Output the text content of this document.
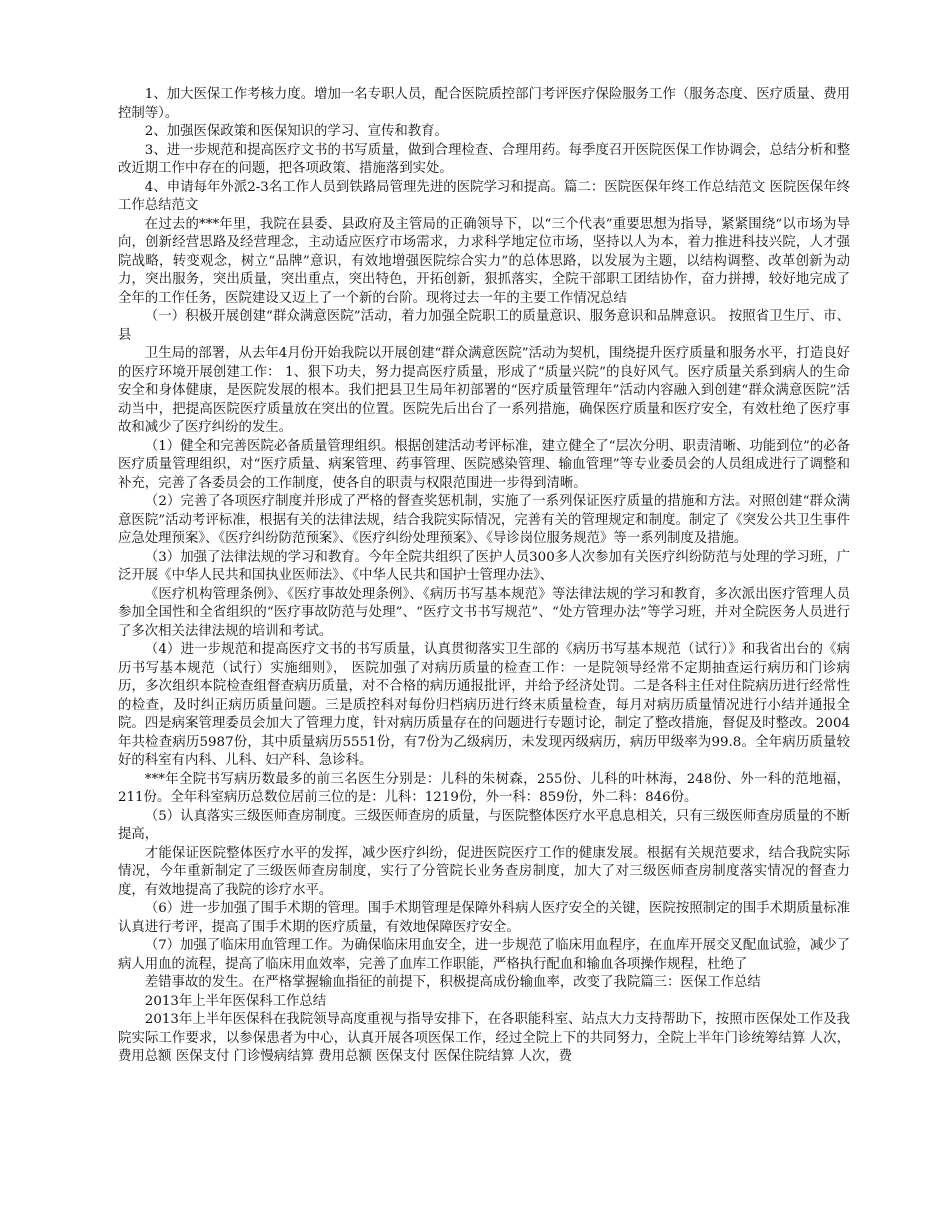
1、加大医保工作考核力度。增加一名专职人员，配合医院质控部门考评医疗保险服务工作（服务态度、医疗质量、费用控制等）。

2、加强医保政策和医保知识的学习、宣传和教育。

3、进一步规范和提高医疗文书的书写质量，做到合理检查、合理用药。每季度召开医院医保工作协调会，总结分析和整改近期工作中存在的问题，把各项政策、措施落到实处。

4、申请每年外派2-3名工作人员到铁路局管理先进的医院学习和提高。篇二：医院医保年终工作总结范文 医院医保年终工作总结范文

在过去的***年里，我院在县委、县政府及主管局的正确领导下，以“三个代表”重要思想为指导，紧紧围绕“以市场为导向，创新经营思路及经营理念，主动适应医疗市场需求，力求科学地定位市场，坚持以人为本，着力推进科技兴院，人才强院战略，转变观念，树立“品牌”意识，有效地增强医院综合实力”的总体思路，以发展为主题，以结构调整、改革创新为动力，突出服务，突出质量，突出重点，突出特色，开拓创新，狠抓落实，全院干部职工团结协作，奋力拼搏，较好地完成了全年的工作任务，医院建设又迈上了一个新的台阶。现将过去一年的主要工作情况总结

（一）积极开展创建“群众满意医院”活动，着力加强全院职工的质量意识、服务意识和品牌意识。 按照省卫生厅、市、县

卫生局的部署，从去年4月份开始我院以开展创建“群众满意医院”活动为契机，围绕提升医疗质量和服务水平，打造良好的医疗环境开展创建工作： 1、狠下功夫，努力提高医疗质量，形成了“质量兴院”的良好风气。医疗质量关系到病人的生命安全和身体健康，是医院发展的根本。我们把县卫生局年初部署的“医疗质量管理年”活动内容融入到创建“群众满意医院”活动当中，把提高医院医疗质量放在突出的位置。医院先后出台了一系列措施，确保医疗质量和医疗安全，有效杜绝了医疗事故和减少了医疗纠纷的发生。

（1）健全和完善医院必备质量管理组织。根据创建活动考评标准，建立健全了“层次分明、职责清晰、功能到位”的必备医疗质量管理组织，对“医疗质量、病案管理、药事管理、医院感染管理、输血管理”等专业委员会的人员组成进行了调整和补充，完善了各委员会的工作制度，使各自的职责与权限范围进一步得到清晰。

（2）完善了各项医疗制度并形成了严格的督查奖惩机制，实施了一系列保证医疗质量的措施和方法。对照创建“群众满意医院”活动考评标准，根据有关的法律法规，结合我院实际情况，完善有关的管理规定和制度。制定了《突发公共卫生事件应急处理预案》、《医疗纠纷防范预案》、《医疗纠纷处理预案》、《导诊岗位服务规范》等一系列制度及措施。

（3）加强了法律法规的学习和教育。今年全院共组织了医护人员300多人次参加有关医疗纠纷防范与处理的学习班，广泛开展《中华人民共和国执业医师法》、《中华人民共和国护士管理办法》、

《医疗机构管理条例》、《医疗事故处理条例》、《病历书写基本规范》等法律法规的学习和教育，多次派出医疗管理人员参加全国性和全省组织的“医疗事故防范与处理”、“医疗文书书写规范”、“处方管理办法”等学习班，并对全院医务人员进行了多次相关法律法规的培训和考试。

（4）进一步规范和提高医疗文书的书写质量，认真贯彻落实卫生部的《病历书写基本规范（试行）》和我省出台的《病历书写基本规范（试行）实施细则》， 医院加强了对病历质量的检查工作：一是院领导经常不定期抽查运行病历和门诊病历，多次组织本院检查组督查病历质量，对不合格的病历通报批评，并给予经济处罚。二是各科主任对住院病历进行经常性的检查，及时纠正病历质量问题。三是质控科对每份归档病历进行终末质量检查，每月对病历质量情况进行小结并通报全院。四是病案管理委员会加大了管理力度，针对病历质量存在的问题进行专题讨论，制定了整改措施，督促及时整改。2004年共检查病历5987份，其中质量病历5551份，有7份为乙级病历，未发现丙级病历，病历甲级率为99.8。全年病历质量较好的科室有内科、儿科、妇产科、急诊科。

***年全院书写病历数最多的前三名医生分别是：儿科的朱树森，255份、儿科的叶林海，248份、外一科的范地福，211份。全年科室病历总数位居前三位的是：儿科：1219份，外一科：859份，外二科：846份。

（5）认真落实三级医师查房制度。三级医师查房的质量，与医院整体医疗水平息息相关，只有三级医师查房质量的不断提高，

才能保证医院整体医疗水平的发挥，减少医疗纠纷，促进医院医疗工作的健康发展。根据有关规范要求，结合我院实际情况，今年重新制定了三级医师查房制度，实行了分管院长业务查房制度，加大了对三级医师查房制度落实情况的督查力度，有效地提高了我院的诊疗水平。

（6）进一步加强了围手术期的管理。围手术期管理是保障外科病人医疗安全的关键，医院按照制定的围手术期质量标准认真进行考评，提高了围手术期的医疗质量，有效地保障医疗安全。

（7）加强了临床用血管理工作。为确保临床用血安全，进一步规范了临床用血程序，在血库开展交叉配血试验，减少了病人用血的流程，提高了临床用血效率，完善了血库工作职能，严格执行配血和输血各项操作规程，杜绝了

差错事故的发生。在严格掌握输血指征的前提下，积极提高成份输血率，改变了我院篇三：医保工作总结

2013年上半年医保科工作总结

2013年上半年医保科在我院领导高度重视与指导安排下，在各职能科室、站点大力支持帮助下，按照市医保处工作及我院实际工作要求，以参保患者为中心，认真开展各项医保工作，经过全院上下的共同努力，全院上半年门诊统筹结算 人次，费用总额 医保支付 门诊慢病结算 费用总额 医保支付 医保住院结算 人次，费
